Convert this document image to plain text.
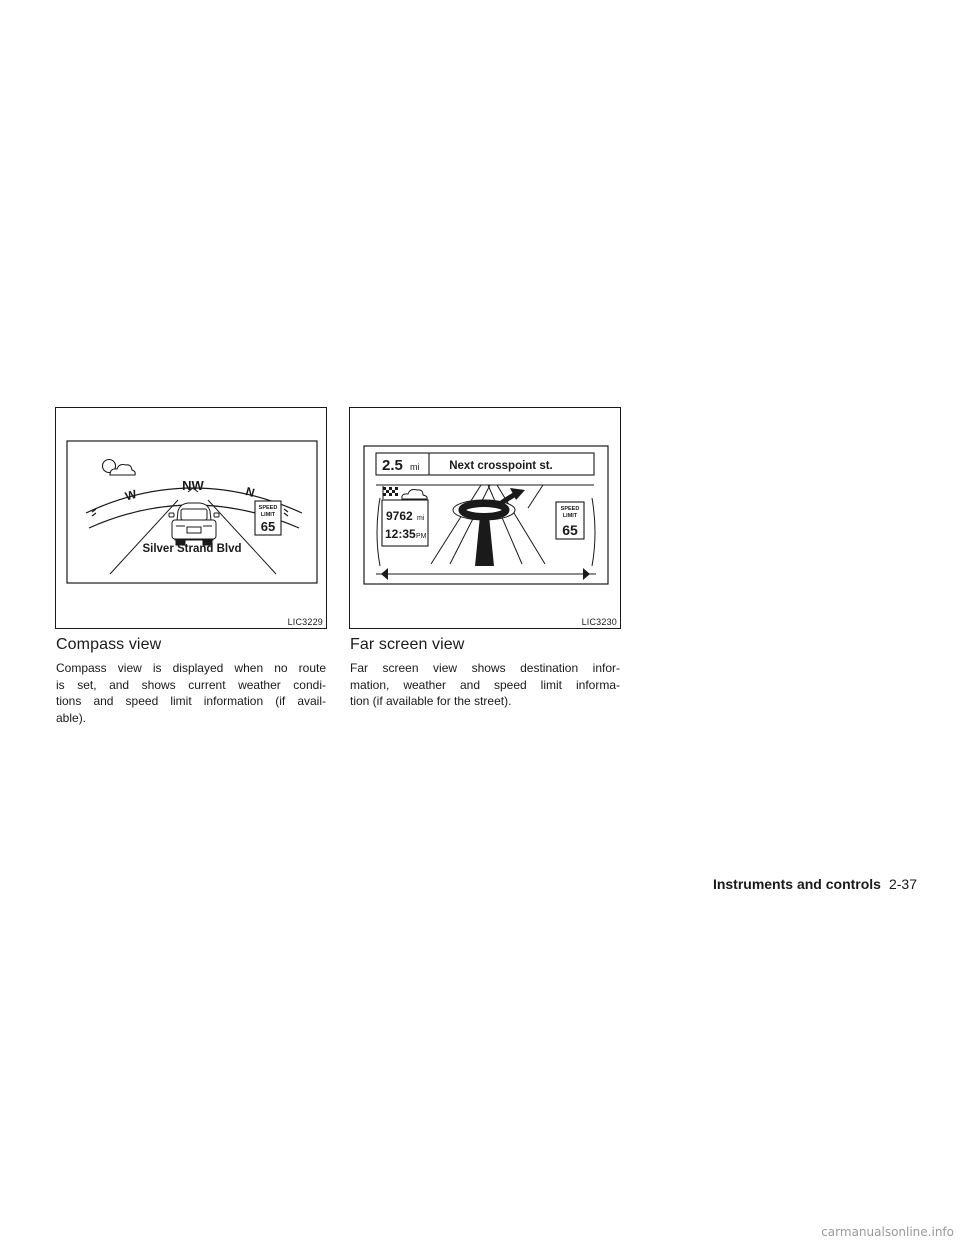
NW
W	N
SPEED
LIMIT
65
Silver Strand Blvd
LIC3229
2.5 mi	Next crosspoint st.
9762 mi
12:35 PM
SPEED
LIMIT
65
LIC3230
Compass view
Compass view is displayed when no route
is set, and shows current weather condi-
tions and speed limit information (if avail-
able).
Far screen view
Far screen view shows destination infor-
mation, weather and speed limit informa-
tion (if available for the street).
Instruments and controls 2-37
carmanualsonline.info
